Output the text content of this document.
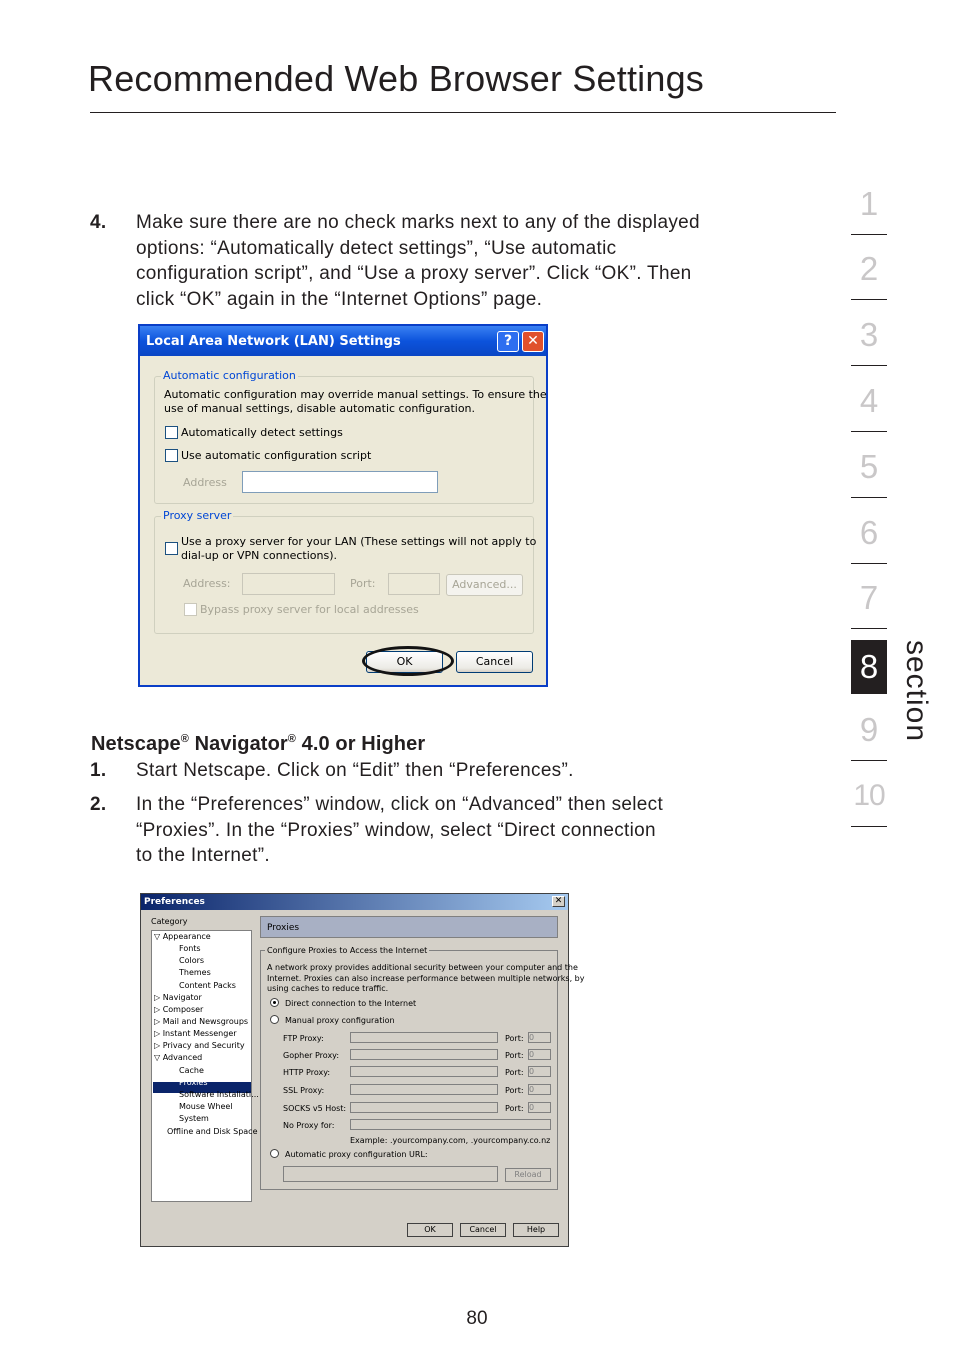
Recommended Web Browser Settings
4. Make sure there are no check marks next to any of the displayed
options: “Automatically detect settings”, “Use automatic
configuration script”, and “Use a proxy server”. Click “OK”. Then
click “OK” again in the “Internet Options” page.
Local Area Network (LAN) Settings	?	✕
Automatic configuration
Automatic configuration may override manual settings. To ensure the
use of manual settings, disable automatic configuration.
Automatically detect settings
Use automatic configuration script
Address
Proxy server
Use a proxy server for your LAN (These settings will not apply to
dial-up or VPN connections).
Address:	Port:	Advanced...
Bypass proxy server for local addresses
OK	Cancel
Netscape® Navigator® 4.0 or Higher
1. Start Netscape. Click on “Edit” then “Preferences”.
2. In the “Preferences” window, click on “Advanced” then select
“Proxies”. In the “Proxies” window, select “Direct connection
to the Internet”.
Preferences	✕
Category
▽ Appearance
Fonts
Colors
Themes
Content Packs
▷ Navigator
▷ Composer
▷ Mail and Newsgroups
▷ Instant Messenger
▷ Privacy and Security
▽ Advanced
Cache
Proxies
Software Installati...
Mouse Wheel
System
Offline and Disk Space
Proxies
Configure Proxies to Access the Internet
A network proxy provides additional security between your computer and the
Internet. Proxies can also increase performance between multiple networks, by
using caches to reduce traffic.
Direct connection to the Internet
Manual proxy configuration
FTP Proxy:	Port: 0
Gopher Proxy:	Port: 0
HTTP Proxy:	Port: 0
SSL Proxy:	Port: 0
SOCKS v5 Host:	Port: 0
No Proxy for:
Example: .yourcompany.com, .yourcompany.co.nz
Automatic proxy configuration URL:
Reload
OK	Cancel	Help
1
2
3
4
5
6
7
8
9
10
section
80
